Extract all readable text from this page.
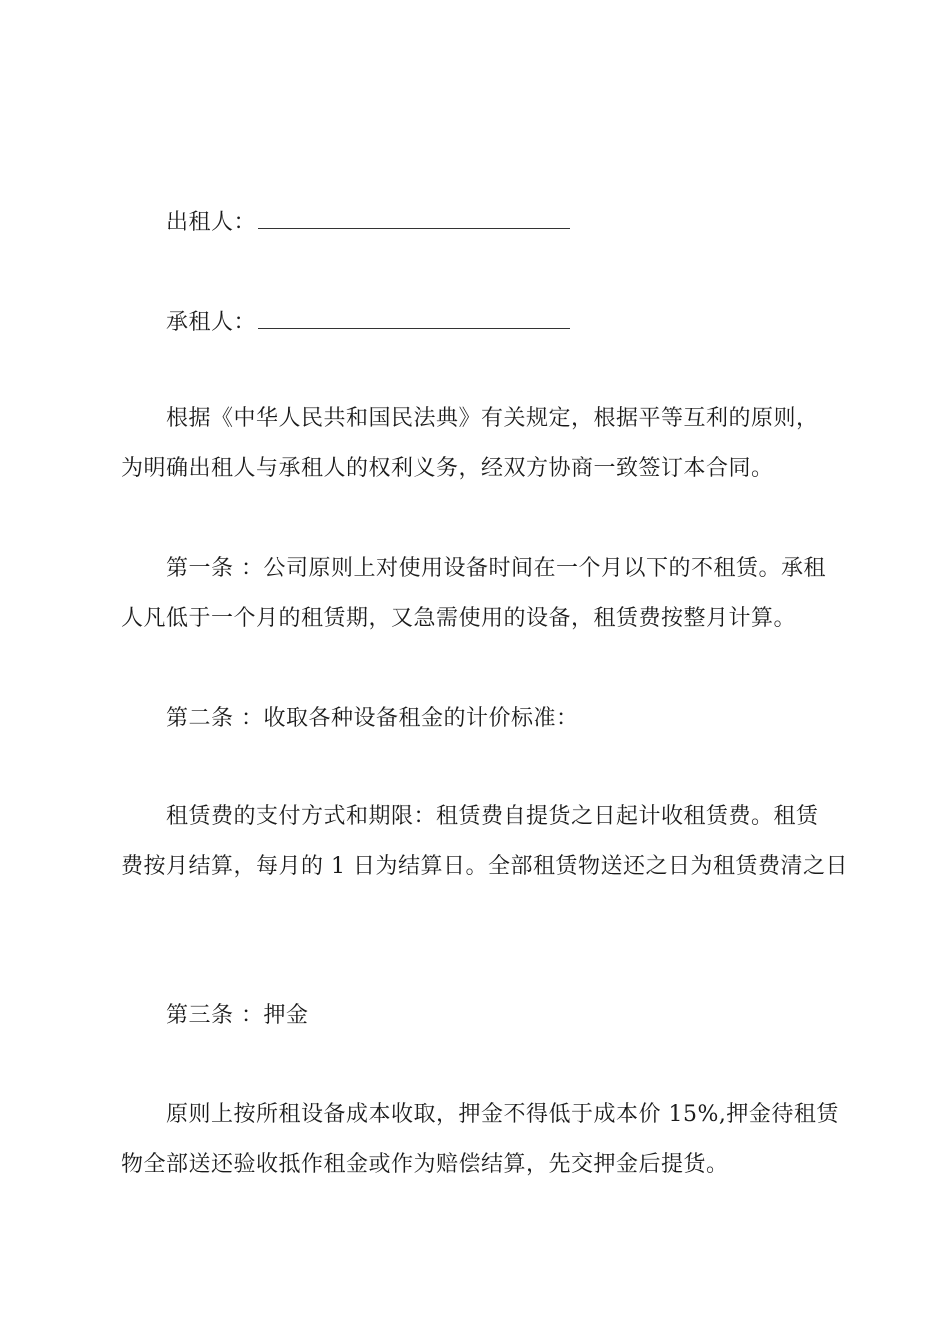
出租人：
承租人：
根据《中华人民共和国民法典》有关规定，根据平等互利的原则，
为明确出租人与承租人的权利义务，经双方协商一致签订本合同。
第一条 ：公司原则上对使用设备时间在一个月以下的不租赁。承租
人凡低于一个月的租赁期，又急需使用的设备，租赁费按整月计算。
第二条 ：收取各种设备租金的计价标准：
租赁费的支付方式和期限：租赁费自提货之日起计收租赁费。租赁
费按月结算，每月的 1 日为结算日。全部租赁物送还之日为租赁费清之日
第三条 ：押金
原则上按所租设备成本收取，押金不得低于成本价 15%,押金待租赁
物全部送还验收抵作租金或作为赔偿结算，先交押金后提货。
